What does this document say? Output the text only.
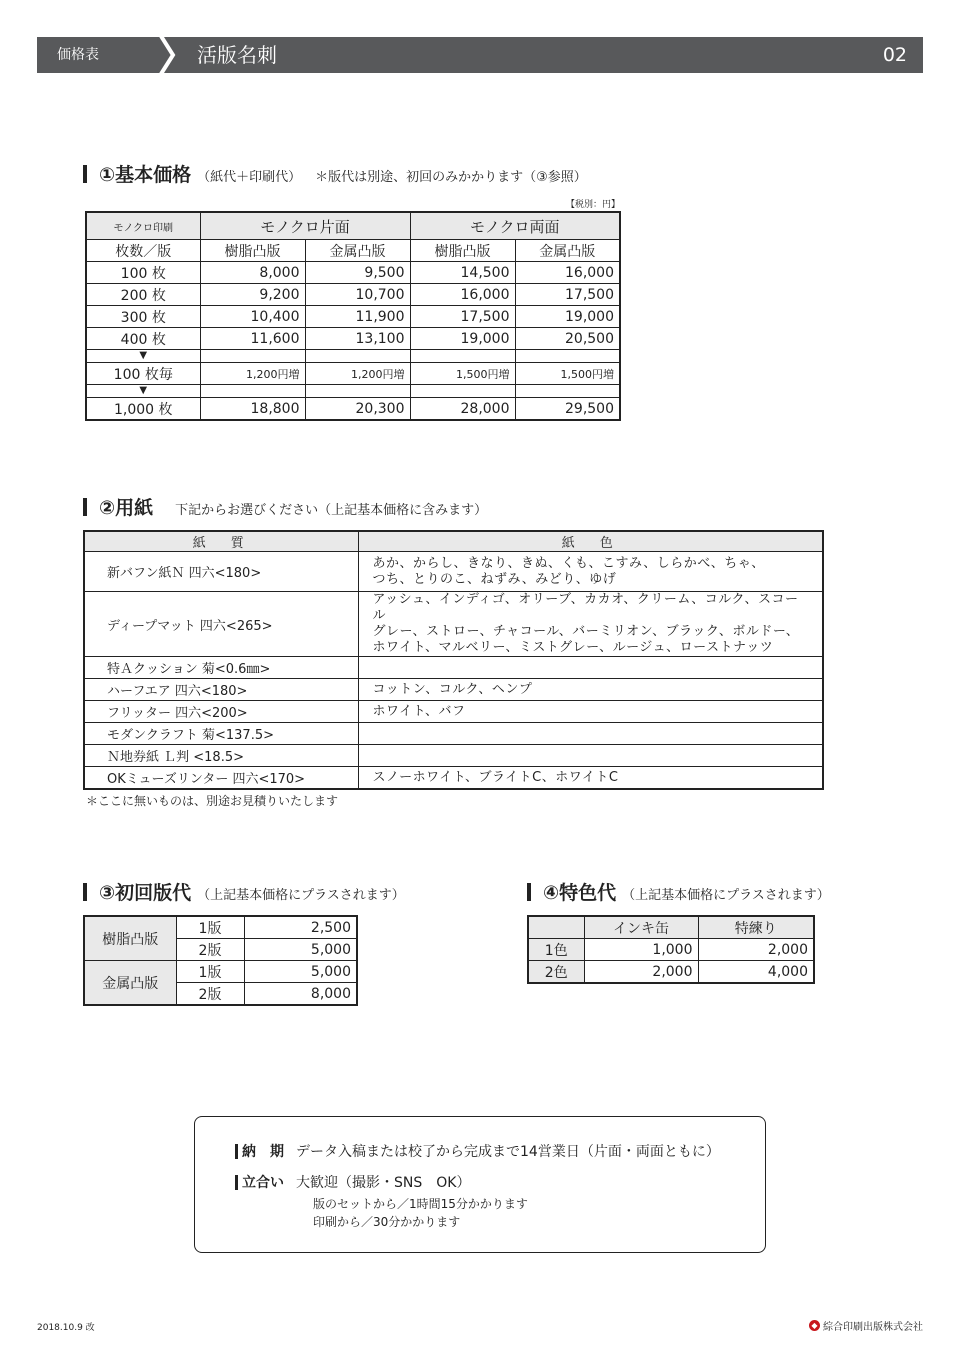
価格表	活版名刺	02
①基本価格 （紙代＋印刷代） ＊版代は別途、初回のみかかります（③参照）
【税別：円】
モノクロ印刷	モノクロ片面		モノクロ両面	
枚数／版	樹脂凸版	金属凸版	樹脂凸版	金属凸版
100 枚	8,000	9,500	14,500	16,000
200 枚	9,200	10,700	16,000	17,500
300 枚	10,400	11,900	17,500	19,000
400 枚	11,600	13,100	19,000	20,500
▼				
100 枚毎	1,200円増	1,200円増	1,500円増	1,500円増
▼				
1,000 枚	18,800	20,300	28,000	29,500
②用紙 下記からお選びください（上記基本価格に含みます）
紙　質	紙　色
新バフン紙Ｎ 四六<180>	あか、からし、きなり、きぬ、くも、こすみ、しらかべ、ちゃ、
つち、とりのこ、ねずみ、みどり、ゆげ
ディープマット 四六<265>	アッシュ、インディゴ、オリーブ、カカオ、クリーム、コルク、スコール
グレー、ストロー、チャコール、バーミリオン、ブラック、ボルドー、
ホワイト、マルベリー、ミストグレー、ルージュ、ローストナッツ
特Ａクッション 菊<0.6㎜>	
ハーフエア 四六<180>	コットン、コルク、ヘンプ
フリッター 四六<200>	ホワイト、バフ
モダンクラフト 菊<137.5>	
Ｎ地券紙 Ｌ判 <18.5>	
OKミューズリンター 四六<170>	スノーホワイト、ブライトC、ホワイトC
＊ここに無いものは、別途お見積りいたします
③初回版代 （上記基本価格にプラスされます）
樹脂凸版	1版	2,500
	2版	5,000
金属凸版	1版	5,000
	2版	8,000
④特色代 （上記基本価格にプラスされます）
	インキ缶	特練り
1色	1,000	2,000
2色	2,000	4,000
納　期 データ入稿または校了から完成まで14営業日（片面・両面ともに）
立合い 大歓迎（撮影・SNS　OK）
版のセットから／1時間15分かかります
印刷から／30分かかります
2018.10.9 改	◆ 綜合印刷出版株式会社
